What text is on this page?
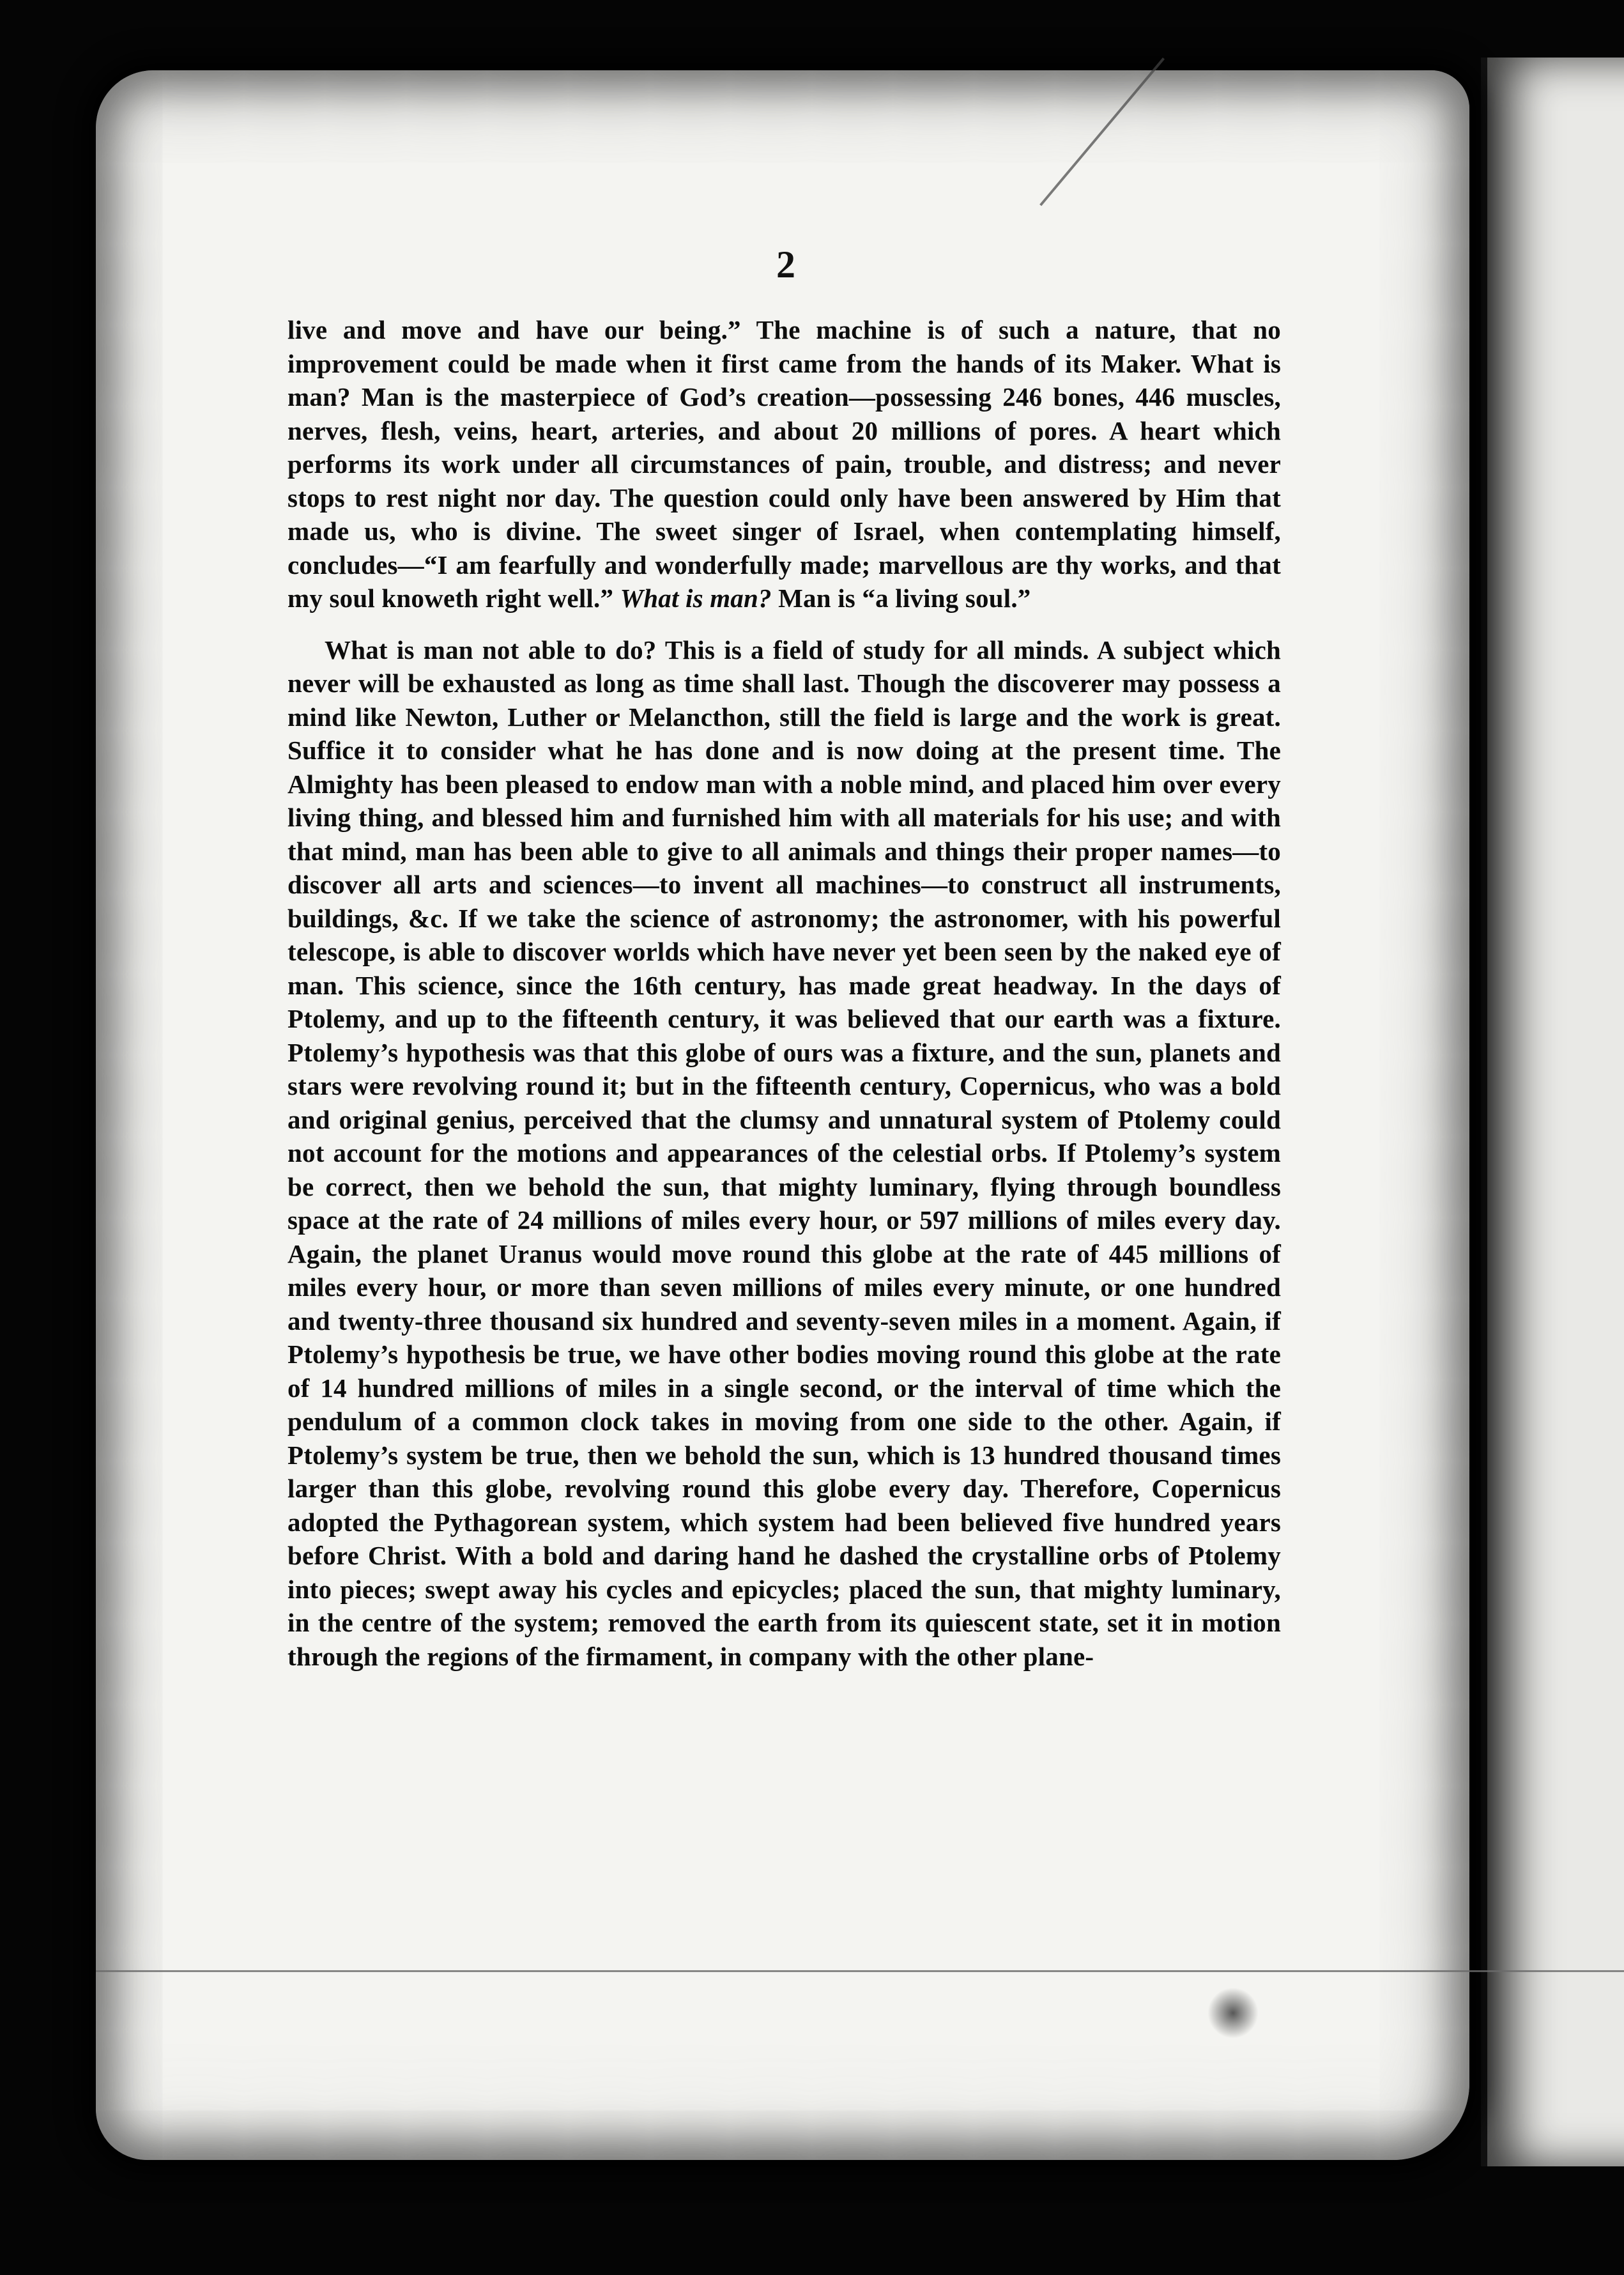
2

live and move and have our being.” The machine is of such a nature, that no improvement could be made when it first came from the hands of its Maker. What is man? Man is the masterpiece of God’s creation—possessing 246 bones, 446 muscles, nerves, flesh, veins, heart, arteries, and about 20 millions of pores. A heart which performs its work under all circumstances of pain, trouble, and distress; and never stops to rest night nor day. The question could only have been answered by Him that made us, who is divine. The sweet singer of Israel, when contemplating himself, concludes—“I am fearfully and wonderfully made; marvellous are thy works, and that my soul knoweth right well.” What is man? Man is “a living soul.”

What is man not able to do? This is a field of study for all minds. A subject which never will be exhausted as long as time shall last. Though the discoverer may possess a mind like Newton, Luther or Melancthon, still the field is large and the work is great. Suffice it to consider what he has done and is now doing at the present time. The Almighty has been pleased to endow man with a noble mind, and placed him over every living thing, and blessed him and furnished him with all materials for his use; and with that mind, man has been able to give to all animals and things their proper names—to discover all arts and sciences—to invent all machines—to construct all instruments, buildings, &c. If we take the science of astronomy; the astronomer, with his powerful telescope, is able to discover worlds which have never yet been seen by the naked eye of man. This science, since the 16th century, has made great headway. In the days of Ptolemy, and up to the fifteenth century, it was believed that our earth was a fixture. Ptolemy’s hypothesis was that this globe of ours was a fixture, and the sun, planets and stars were revolving round it; but in the fifteenth century, Copernicus, who was a bold and original genius, perceived that the clumsy and unnatural system of Ptolemy could not account for the motions and appearances of the celestial orbs. If Ptolemy’s system be correct, then we behold the sun, that mighty luminary, flying through boundless space at the rate of 24 millions of miles every hour, or 597 millions of miles every day. Again, the planet Uranus would move round this globe at the rate of 445 millions of miles every hour, or more than seven millions of miles every minute, or one hundred and twenty-three thousand six hundred and seventy-seven miles in a moment. Again, if Ptolemy’s hypothesis be true, we have other bodies moving round this globe at the rate of 14 hundred millions of miles in a single second, or the interval of time which the pendulum of a common clock takes in moving from one side to the other. Again, if Ptolemy’s system be true, then we behold the sun, which is 13 hundred thousand times larger than this globe, revolving round this globe every day. Therefore, Copernicus adopted the Pythagorean system, which system had been believed five hundred years before Christ. With a bold and daring hand he dashed the crystalline orbs of Ptolemy into pieces; swept away his cycles and epicycles; placed the sun, that mighty luminary, in the centre of the system; removed the earth from its quiescent state, set it in motion through the regions of the firmament, in company with the other plane-
